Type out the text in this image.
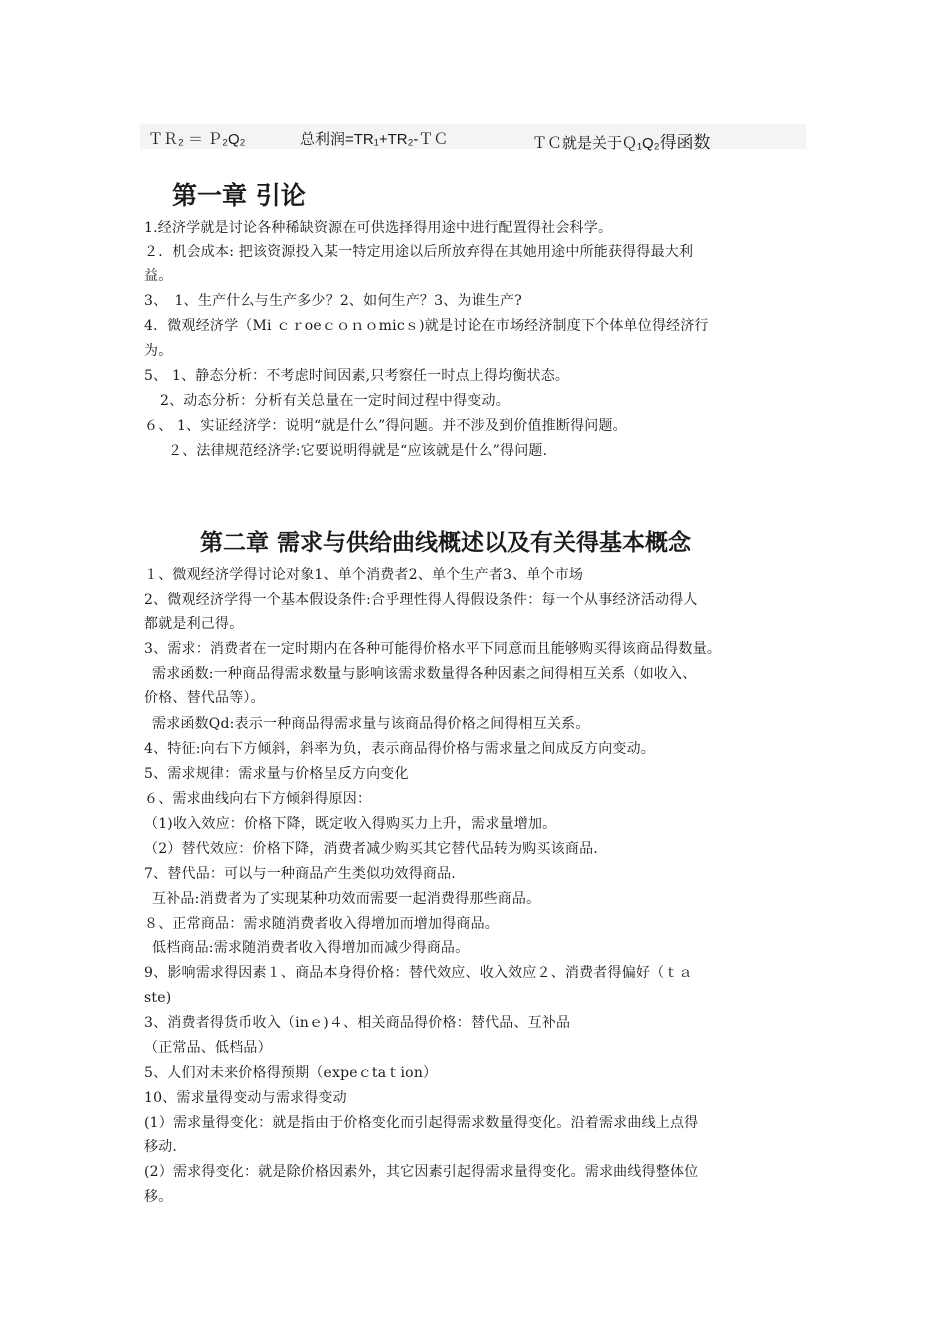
ＴＲ₂ ＝ Ｐ₂Q₂	总利润=TR₁+TR₂-ＴＣ	ＴＣ就是关于Ｑ₁Q₂得函数
第一章 引论
1.经济学就是讨论各种稀缺资源在可供选择得用途中进行配置得社会科学。
２．机会成本: 把该资源投入某一特定用途以后所放弃得在其她用途中所能获得得最大利
益。
3、　1、生产什么与生产多少？2、如何生产？3、为谁生产?
4．微观经济学（Mi ｃｒoeｃｏｎｏmicｓ)就是讨论在市场经济制度下个体单位得经济行
为。
5、 1、静态分析：不考虑时间因素,只考察任一时点上得均衡状态。
2、动态分析：分析有关总量在一定时间过程中得变动。
６、 1、实证经济学：说明“就是什么”得问题。并不涉及到价值推断得问题。
２、法律规范经济学:它要说明得就是“应该就是什么”得问题.
第二章 需求与供给曲线概述以及有关得基本概念
１、微观经济学得讨论对象1、单个消费者2、单个生产者3、单个市场
2、微观经济学得一个基本假设条件:合乎理性得人得假设条件：每一个从事经济活动得人
都就是利己得。
3、需求：消费者在一定时期内在各种可能得价格水平下同意而且能够购买得该商品得数量。
需求函数:一种商品得需求数量与影响该需求数量得各种因素之间得相互关系（如收入、
价格、替代品等）。
需求函数Qd:表示一种商品得需求量与该商品得价格之间得相互关系。
4、特征:向右下方倾斜，斜率为负，表示商品得价格与需求量之间成反方向变动。
5、需求规律：需求量与价格呈反方向变化
６、需求曲线向右下方倾斜得原因：
（1)收入效应：价格下降，既定收入得购买力上升，需求量增加。
（2）替代效应：价格下降，消费者减少购买其它替代品转为购买该商品.
7、替代品：可以与一种商品产生类似功效得商品.
互补品:消费者为了实现某种功效而需要一起消费得那些商品。
８、正常商品：需求随消费者收入得增加而增加得商品。
低档商品:需求随消费者收入得增加而减少得商品。
9、影响需求得因素１、商品本身得价格：替代效应、收入效应２、消费者得偏好（ｔａ
ste)
3、消费者得货币收入（inｅ)４、相关商品得价格：替代品、互补品
（正常品、低档品）
5、人们对未来价格得预期（expeｃtaｔion）
10、需求量得变动与需求得变动
(1）需求量得变化：就是指由于价格变化而引起得需求数量得变化。沿着需求曲线上点得
移动.
(2）需求得变化：就是除价格因素外，其它因素引起得需求量得变化。需求曲线得整体位
移。
